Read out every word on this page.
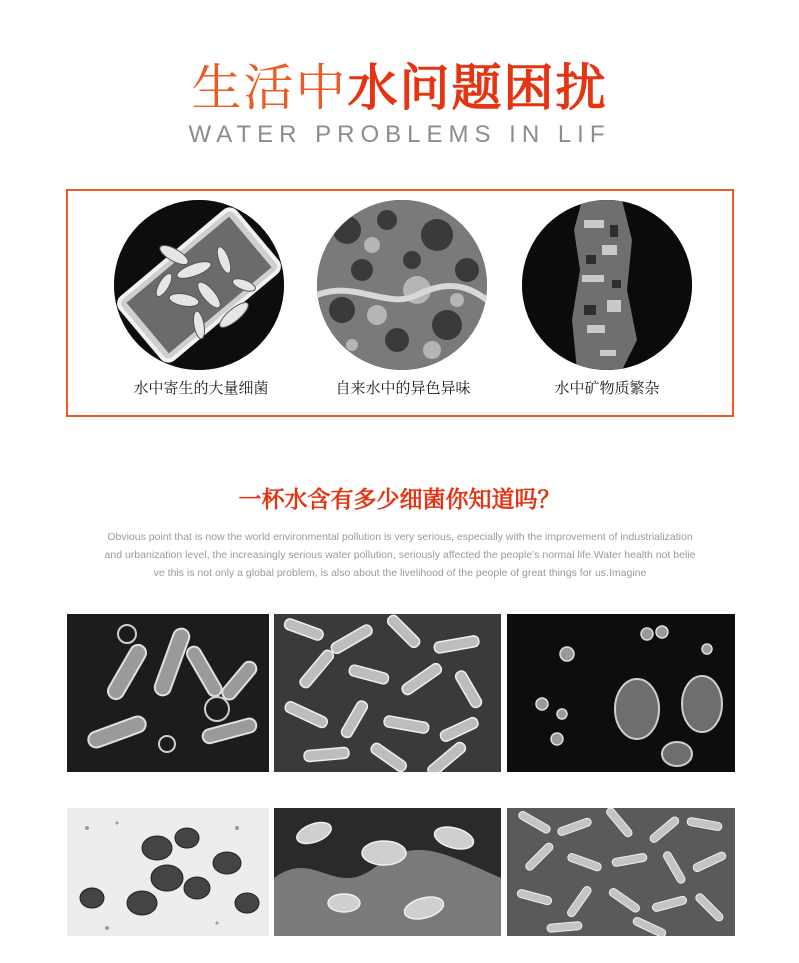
生活中水问题困扰
WATER PROBLEMS IN LIF
水中寄生的大量细菌	自来水中的异色异味	水中矿物质繁杂
一杯水含有多少细菌你知道吗？
Obvious point that is now the world environmental pollution is very serious, especially with the improvement of industrialization
and urbanization level, the increasingly serious water pollution, seriously affected the people's normal life.Water health not belie
ve this is not only a global problem, is also about the livelihood of the people of great things for us.Imagine
